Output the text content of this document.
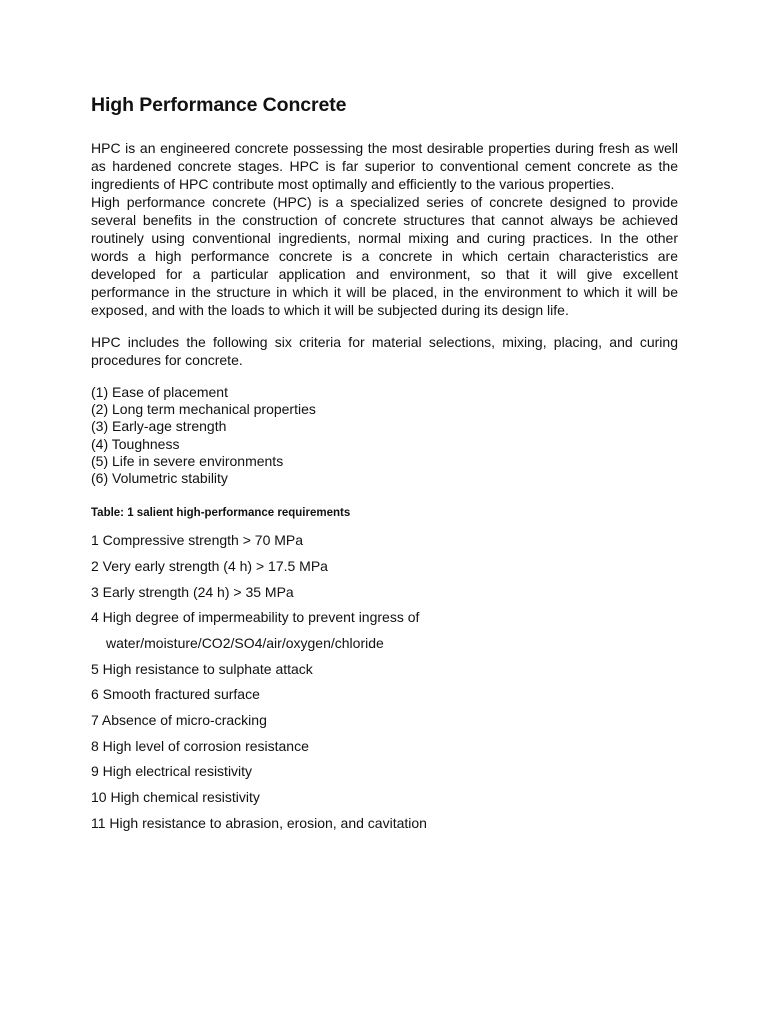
High Performance Concrete

HPC is an engineered concrete possessing the most desirable properties during fresh as well as hardened concrete stages. HPC is far superior to conventional cement concrete as the ingredients of HPC contribute most optimally and efficiently to the various properties.

High performance concrete (HPC) is a specialized series of concrete designed to provide several benefits in the construction of concrete structures that cannot always be achieved routinely using conventional ingredients, normal mixing and curing practices. In the other words a high performance concrete is a concrete in which certain characteristics are developed for a particular application and environment, so that it will give excellent performance in the structure in which it will be placed, in the environment to which it will be exposed, and with the loads to which it will be subjected during its design life.

HPC includes the following six criteria for material selections, mixing, placing, and curing procedures for concrete.

(1) Ease of placement
(2) Long term mechanical properties
(3) Early-age strength
(4) Toughness
(5) Life in severe environments
(6) Volumetric stability
Table: 1 salient high-performance requirements
1 Compressive strength > 70 MPa
2 Very early strength (4 h) > 17.5 MPa
3 Early strength (24 h) > 35 MPa
4 High degree of impermeability to prevent ingress of
water/moisture/CO2/SO4/air/oxygen/chloride
5 High resistance to sulphate attack
6 Smooth fractured surface
7 Absence of micro-cracking
8 High level of corrosion resistance
9 High electrical resistivity
10 High chemical resistivity
11 High resistance to abrasion, erosion, and cavitation
